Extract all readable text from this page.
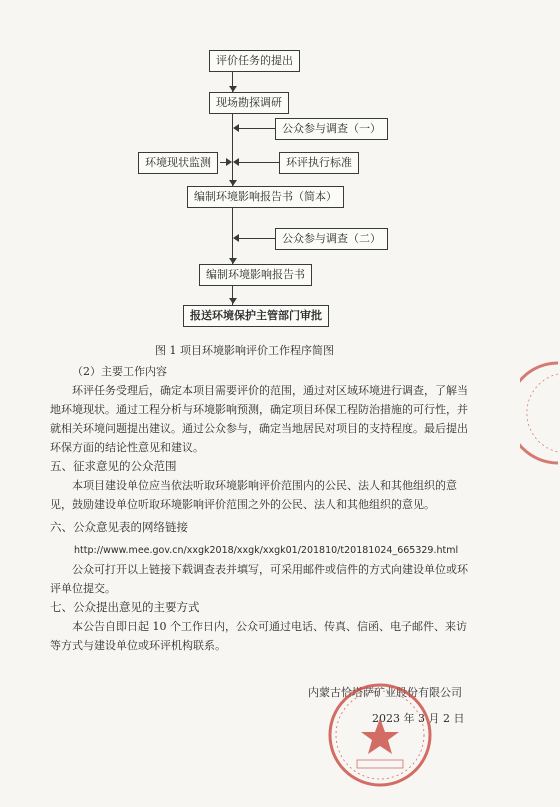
评价任务的提出
现场勘探调研
公众参与调查（一）
环境现状监测	环评执行标准
编制环境影响报告书（简本）
公众参与调查（二）
编制环境影响报告书
报送环境保护主管部门审批
图 1 项目环境影响评价工作程序简图

（2）主要工作内容

环评任务受理后，确定本项目需要评价的范围，通过对区域环境进行调查，了解当地环境现状。通过工程分析与环境影响预测，确定项目环保工程防治措施的可行性，并就相关环境问题提出建议。通过公众参与，确定当地居民对项目的支持程度。最后提出环保方面的结论性意见和建议。

五、征求意见的公众范围

本项目建设单位应当依法听取环境影响评价范围内的公民、法人和其他组织的意见，鼓励建设单位听取环境影响评价范围之外的公民、法人和其他组织的意见。

六、公众意见表的网络链接

http://www.mee.gov.cn/xxgk2018/xxgk/xxgk01/201810/t20181024_665329.html

公众可打开以上链接下载调查表并填写，可采用邮件或信件的方式向建设单位或环评单位提交。

七、公众提出意见的主要方式

本公告自即日起 10 个工作日内，公众可通过电话、传真、信函、电子邮件、来访等方式与建设单位或环评机构联系。

内蒙古恰塔萨矿业股份有限公司
2023 年 3 月 2 日
